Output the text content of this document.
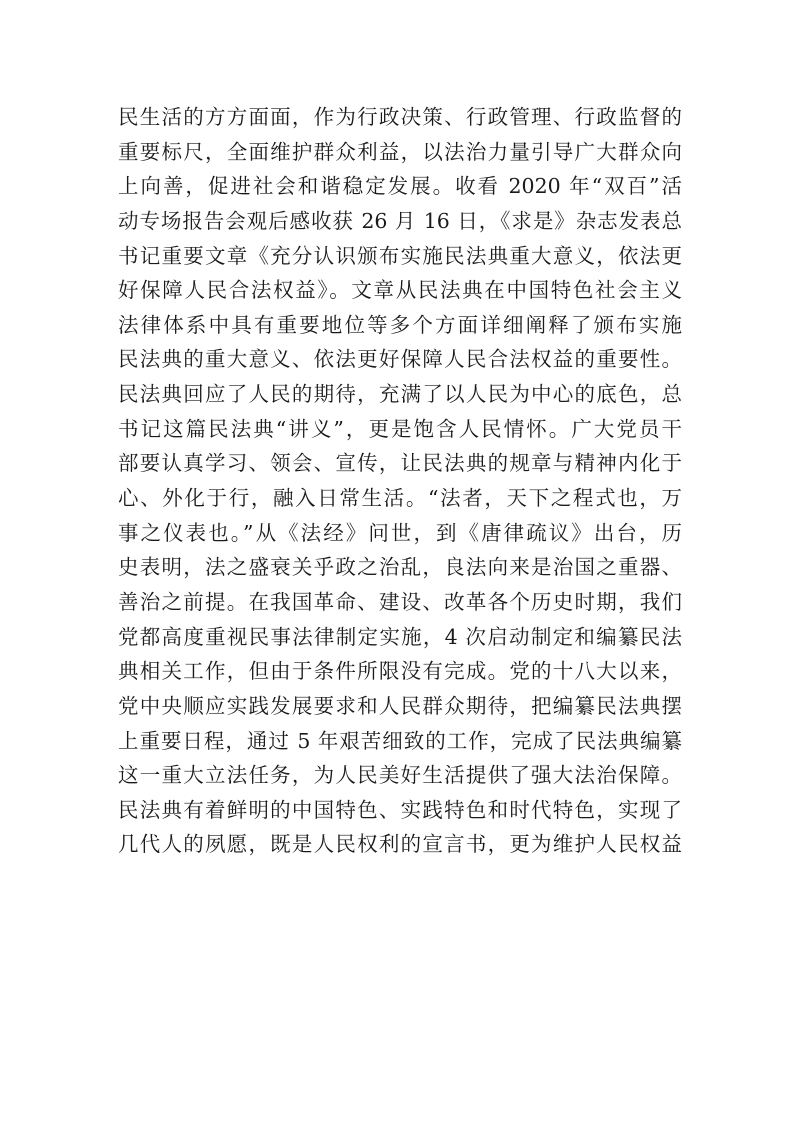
民生活的方方面面，作为行政决策、行政管理、行政监督的
重要标尺，全面维护群众利益，以法治力量引导广大群众向
上向善，促进社会和谐稳定发展。收看 2020 年“双百”活
动专场报告会观后感收获 26 月 16 日，《求是》杂志发表总
书记重要文章《充分认识颁布实施民法典重大意义，依法更
好保障人民合法权益》。文章从民法典在中国特色社会主义
法律体系中具有重要地位等多个方面详细阐释了颁布实施
民法典的重大意义、依法更好保障人民合法权益的重要性。
民法典回应了人民的期待，充满了以人民为中心的底色，总
书记这篇民法典“讲义”，更是饱含人民情怀。广大党员干
部要认真学习、领会、宣传，让民法典的规章与精神内化于
心、外化于行，融入日常生活。“法者，天下之程式也，万
事之仪表也。”从《法经》问世，到《唐律疏议》出台，历
史表明，法之盛衰关乎政之治乱，良法向来是治国之重器、
善治之前提。在我国革命、建设、改革各个历史时期，我们
党都高度重视民事法律制定实施，4 次启动制定和编纂民法
典相关工作，但由于条件所限没有完成。党的十八大以来，
党中央顺应实践发展要求和人民群众期待，把编纂民法典摆
上重要日程，通过 5 年艰苦细致的工作，完成了民法典编纂
这一重大立法任务，为人民美好生活提供了强大法治保障。
民法典有着鲜明的中国特色、实践特色和时代特色，实现了
几代人的夙愿，既是人民权利的宣言书，更为维护人民权益
